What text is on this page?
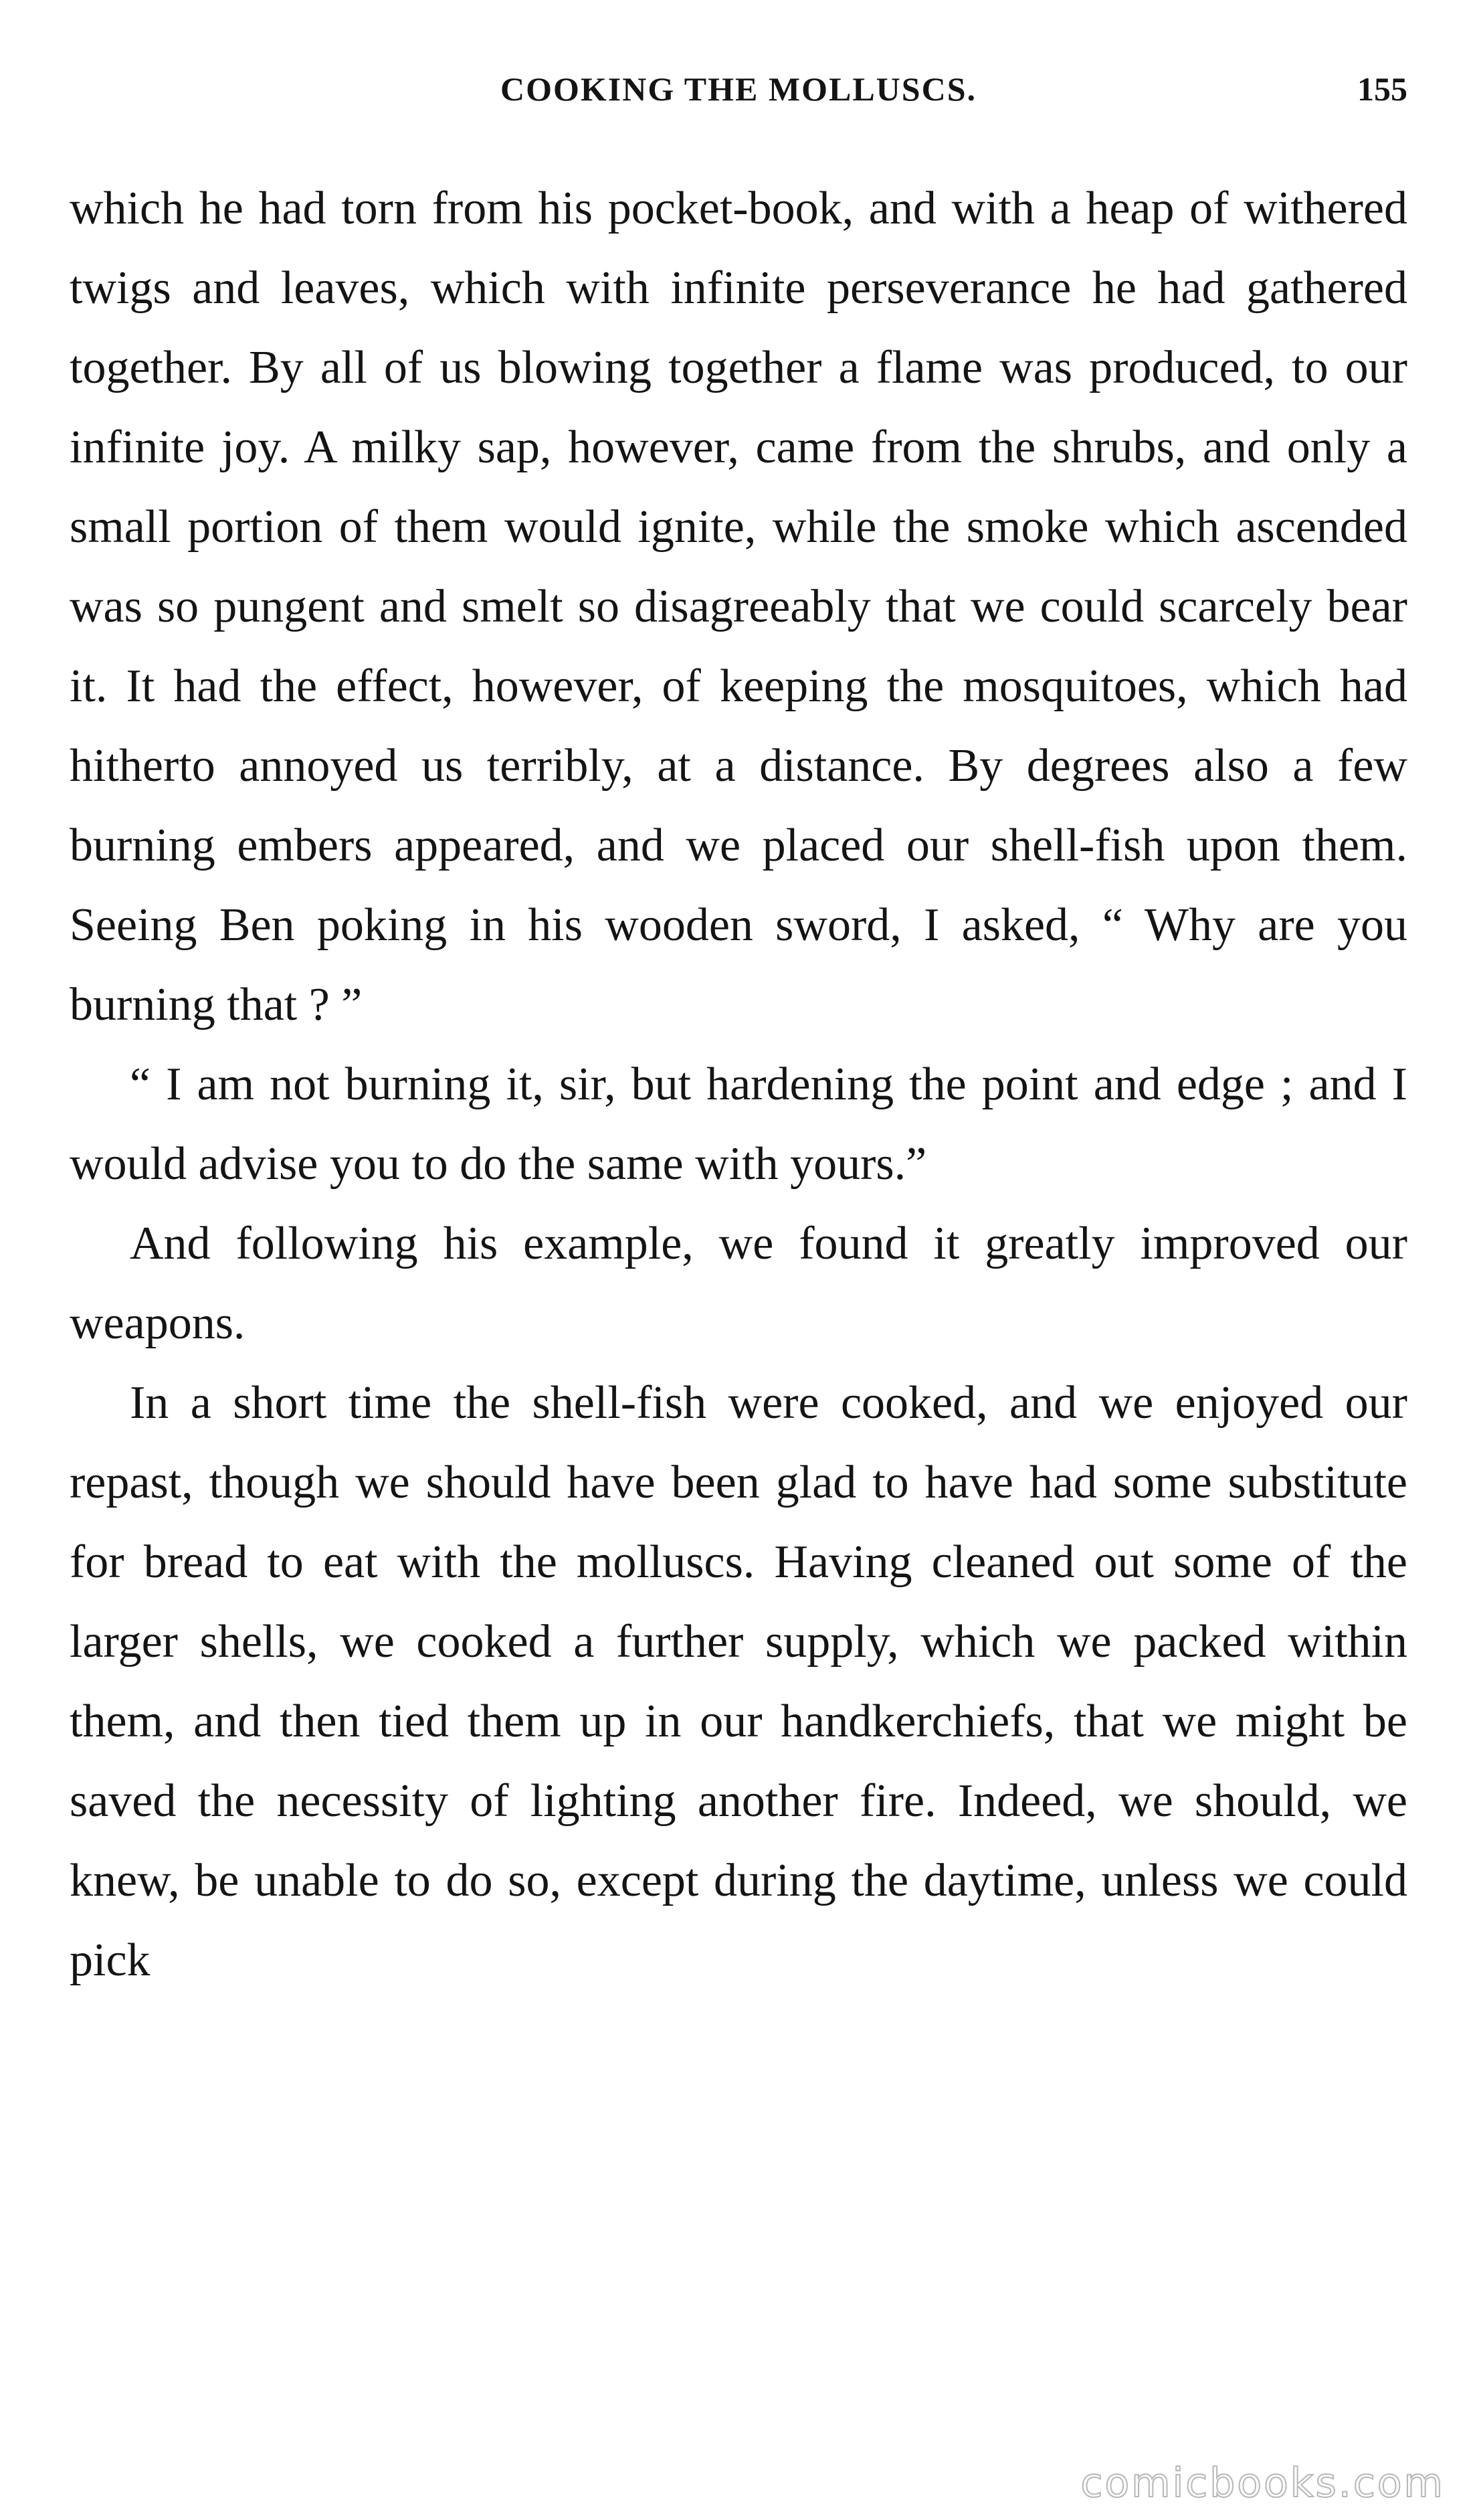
COOKING THE MOLLUSCS.	155

which he had torn from his pocket-book, and with a heap of withered twigs and leaves, which with infinite perseverance he had gathered together. By all of us blowing together a flame was produced, to our infinite joy. A milky sap, however, came from the shrubs, and only a small portion of them would ignite, while the smoke which ascended was so pungent and smelt so disagreeably that we could scarcely bear it. It had the effect, however, of keeping the mosquitoes, which had hitherto annoyed us terribly, at a distance. By degrees also a few burning embers appeared, and we placed our shell-fish upon them. Seeing Ben poking in his wooden sword, I asked, “ Why are you burning that ? ”

“ I am not burning it, sir, but hardening the point and edge ; and I would advise you to do the same with yours.”

And following his example, we found it greatly improved our weapons.

In a short time the shell-fish were cooked, and we enjoyed our repast, though we should have been glad to have had some substitute for bread to eat with the molluscs. Having cleaned out some of the larger shells, we cooked a further supply, which we packed within them, and then tied them up in our handkerchiefs, that we might be saved the necessity of lighting another fire. Indeed, we should, we knew, be unable to do so, except during the daytime, unless we could pick

comicbooks.com
